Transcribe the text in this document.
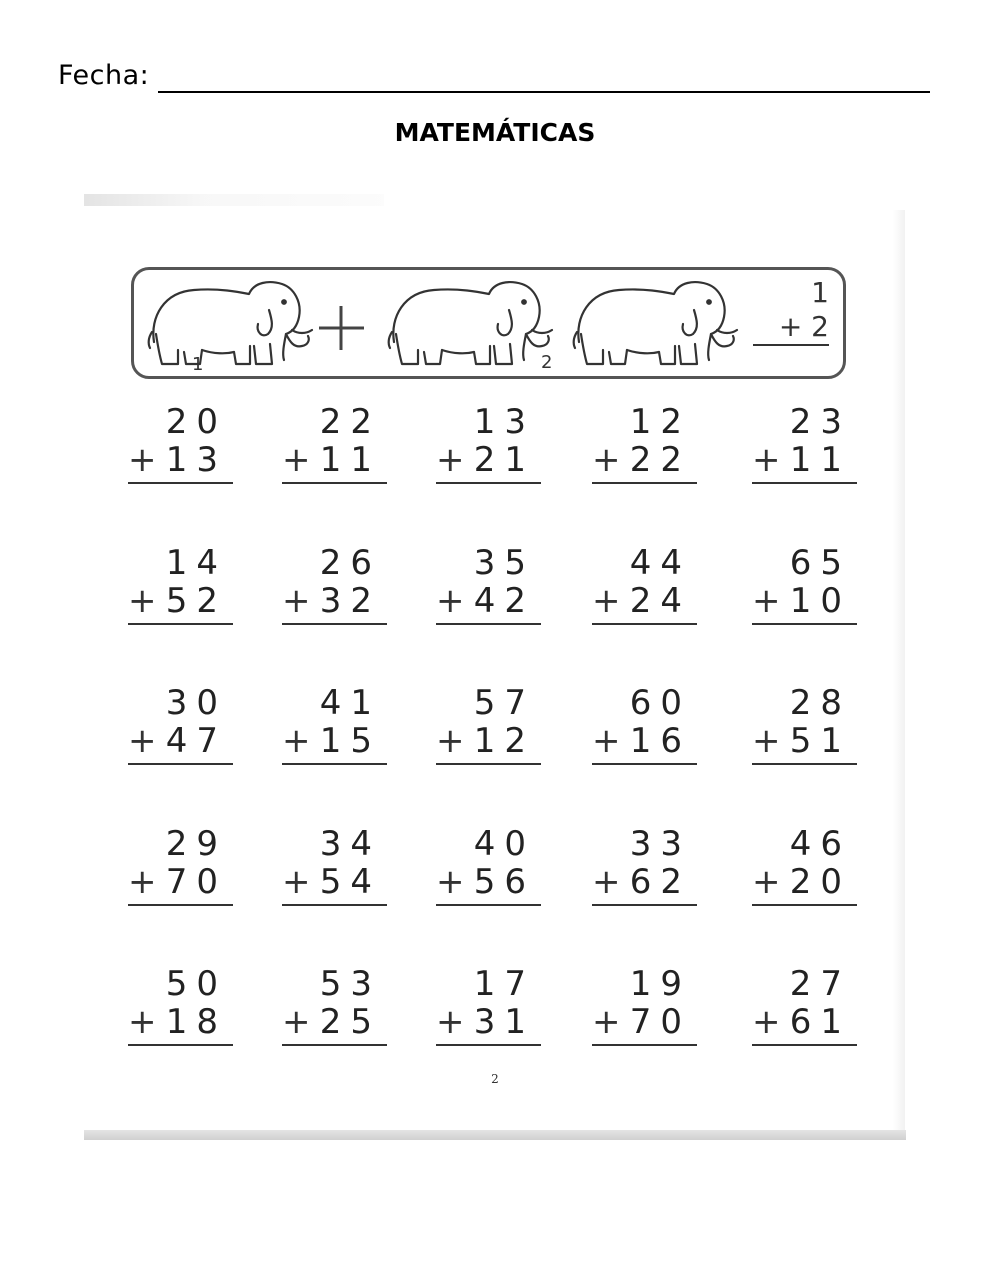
Fecha:
MATEMÁTICAS
1	2
1
+ 2
20
+ 13
22
+ 11
13
+ 21
12
+ 22
23
+ 11
14
+ 52
26
+ 32
35
+ 42
44
+ 24
65
+ 10
30
+ 47
41
+ 15
57
+ 12
60
+ 16
28
+ 51
29
+ 70
34
+ 54
40
+ 56
33
+ 62
46
+ 20
50
+ 18
53
+ 25
17
+ 31
19
+ 70
27
+ 61
2
